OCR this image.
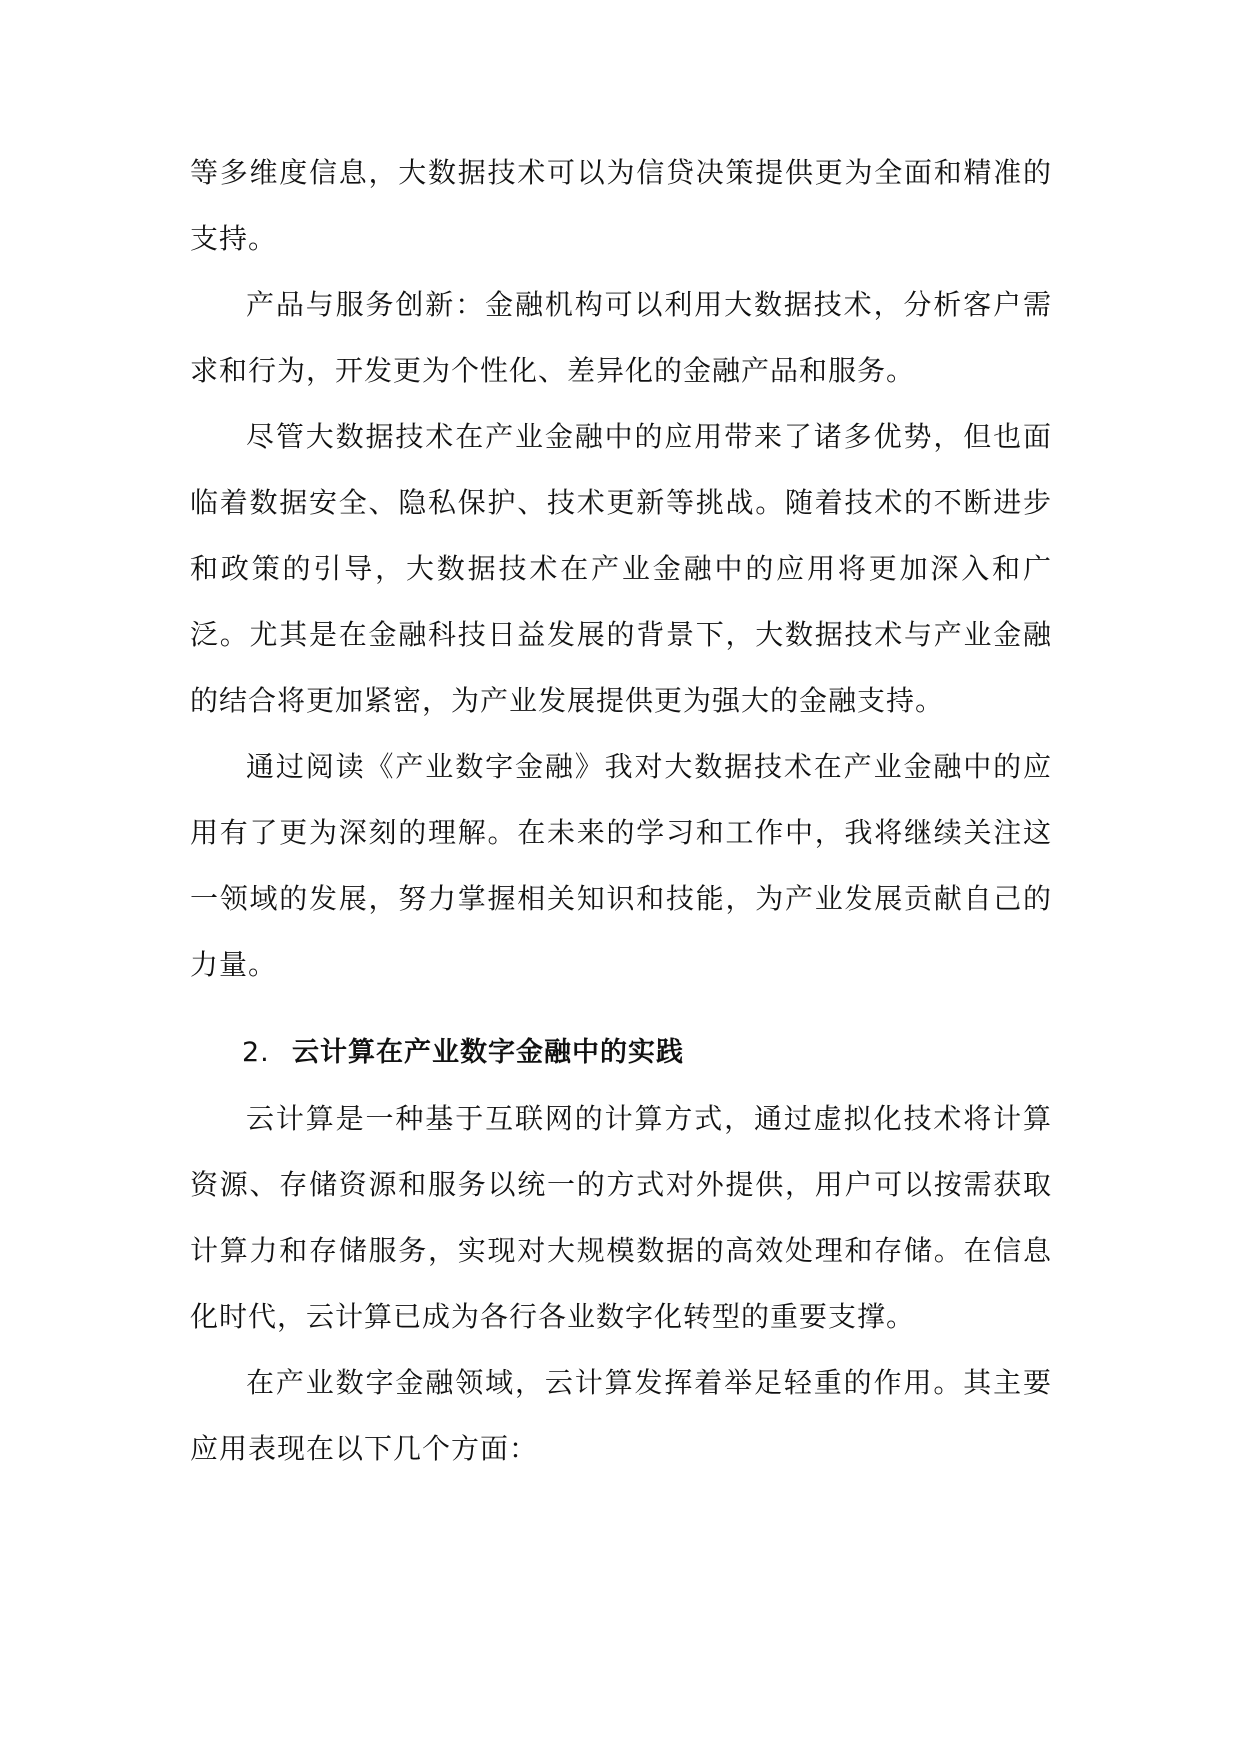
等多维度信息，大数据技术可以为信贷决策提供更为全面和精准的支持。

产品与服务创新：金融机构可以利用大数据技术，分析客户需求和行为，开发更为个性化、差异化的金融产品和服务。

尽管大数据技术在产业金融中的应用带来了诸多优势，但也面临着数据安全、隐私保护、技术更新等挑战。随着技术的不断进步和政策的引导，大数据技术在产业金融中的应用将更加深入和广泛。尤其是在金融科技日益发展的背景下，大数据技术与产业金融的结合将更加紧密，为产业发展提供更为强大的金融支持。

通过阅读《产业数字金融》我对大数据技术在产业金融中的应用有了更为深刻的理解。在未来的学习和工作中，我将继续关注这一领域的发展，努力掌握相关知识和技能，为产业发展贡献自己的力量。

2. 云计算在产业数字金融中的实践

云计算是一种基于互联网的计算方式，通过虚拟化技术将计算资源、存储资源和服务以统一的方式对外提供，用户可以按需获取计算力和存储服务，实现对大规模数据的高效处理和存储。在信息化时代，云计算已成为各行各业数字化转型的重要支撑。

在产业数字金融领域，云计算发挥着举足轻重的作用。其主要应用表现在以下几个方面：
